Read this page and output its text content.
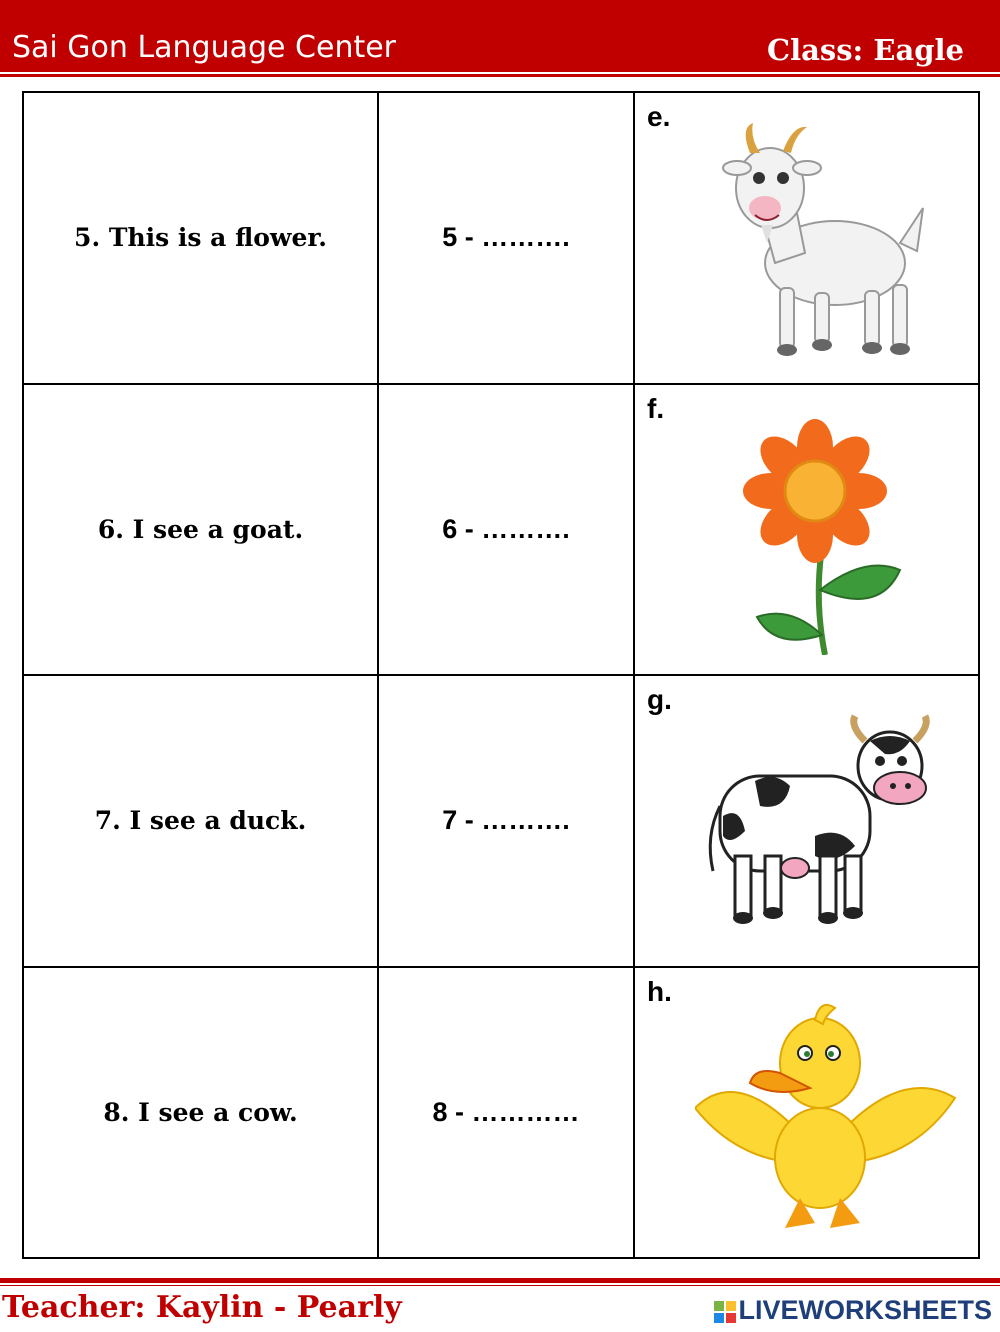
Sai Gon Language Center	Class: Eagle
5. This is a flower.	5 - ……….	e.

6. I see a goat.	6 - ……….	f.

7. I see a duck.	7 - ……….	g.

8. I see a cow.	8 - …………	h.
Teacher: Kaylin - Pearly	LIVEWORKSHEETS
